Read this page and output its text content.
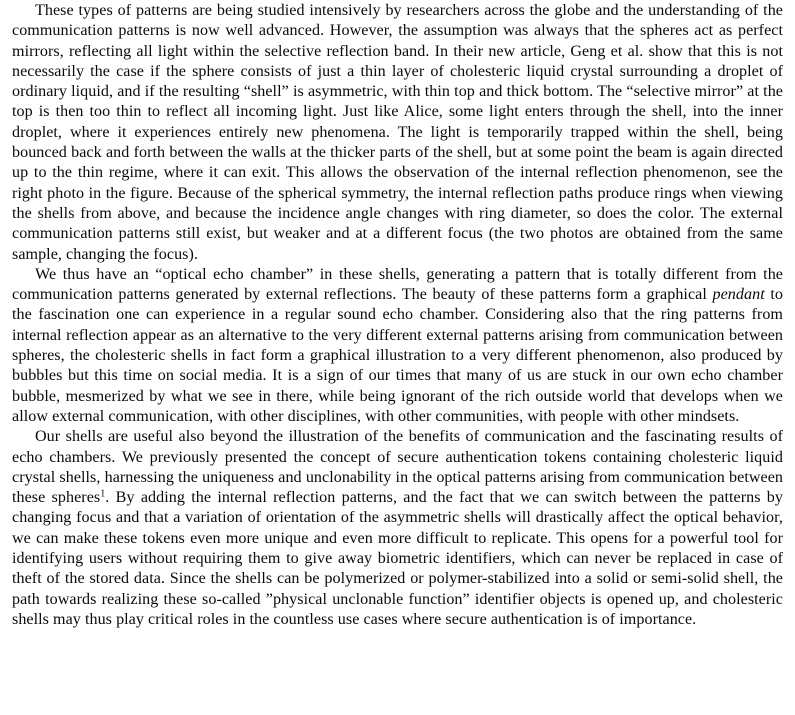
These types of patterns are being studied intensively by researchers across the globe and the understanding of the communication patterns is now well advanced. However, the assumption was always that the spheres act as perfect mirrors, reflecting all light within the selective reflection band. In their new article, Geng et al. show that this is not necessarily the case if the sphere consists of just a thin layer of cholesteric liquid crystal surrounding a droplet of ordinary liquid, and if the resulting “shell” is asymmetric, with thin top and thick bottom. The “selective mirror” at the top is then too thin to reflect all incoming light. Just like Alice, some light enters through the shell, into the inner droplet, where it experiences entirely new phenomena. The light is temporarily trapped within the shell, being bounced back and forth between the walls at the thicker parts of the shell, but at some point the beam is again directed up to the thin regime, where it can exit. This allows the observation of the internal reflection phenomenon, see the right photo in the figure. Because of the spherical symmetry, the internal reflection paths produce rings when viewing the shells from above, and because the incidence angle changes with ring diameter, so does the color. The external communication patterns still exist, but weaker and at a different focus (the two photos are obtained from the same sample, changing the focus).

We thus have an “optical echo chamber” in these shells, generating a pattern that is totally different from the communication patterns generated by external reflections. The beauty of these patterns form a graphical pendant to the fascination one can experience in a regular sound echo chamber. Considering also that the ring patterns from internal reflection appear as an alternative to the very different external patterns arising from communication between spheres, the cholesteric shells in fact form a graphical illustration to a very different phenomenon, also produced by bubbles but this time on social media. It is a sign of our times that many of us are stuck in our own echo chamber bubble, mesmerized by what we see in there, while being ignorant of the rich outside world that develops when we allow external communication, with other disciplines, with other communities, with people with other mindsets.

Our shells are useful also beyond the illustration of the benefits of communication and the fascinating results of echo chambers. We previously presented the concept of secure authentication tokens containing cholesteric liquid crystal shells, harnessing the uniqueness and unclonability in the optical patterns arising from communication between these spheres$^1$. By adding the internal reflection patterns, and the fact that we can switch between the patterns by changing focus and that a variation of orientation of the asymmetric shells will drastically affect the optical behavior, we can make these tokens even more unique and even more difficult to replicate. This opens for a powerful tool for identifying users without requiring them to give away biometric identifiers, which can never be replaced in case of theft of the stored data. Since the shells can be polymerized or polymer-stabilized into a solid or semi-solid shell, the path towards realizing these so-called ”physical unclonable function” identifier objects is opened up, and cholesteric shells may thus play critical roles in the countless use cases where secure authentication is of importance.
